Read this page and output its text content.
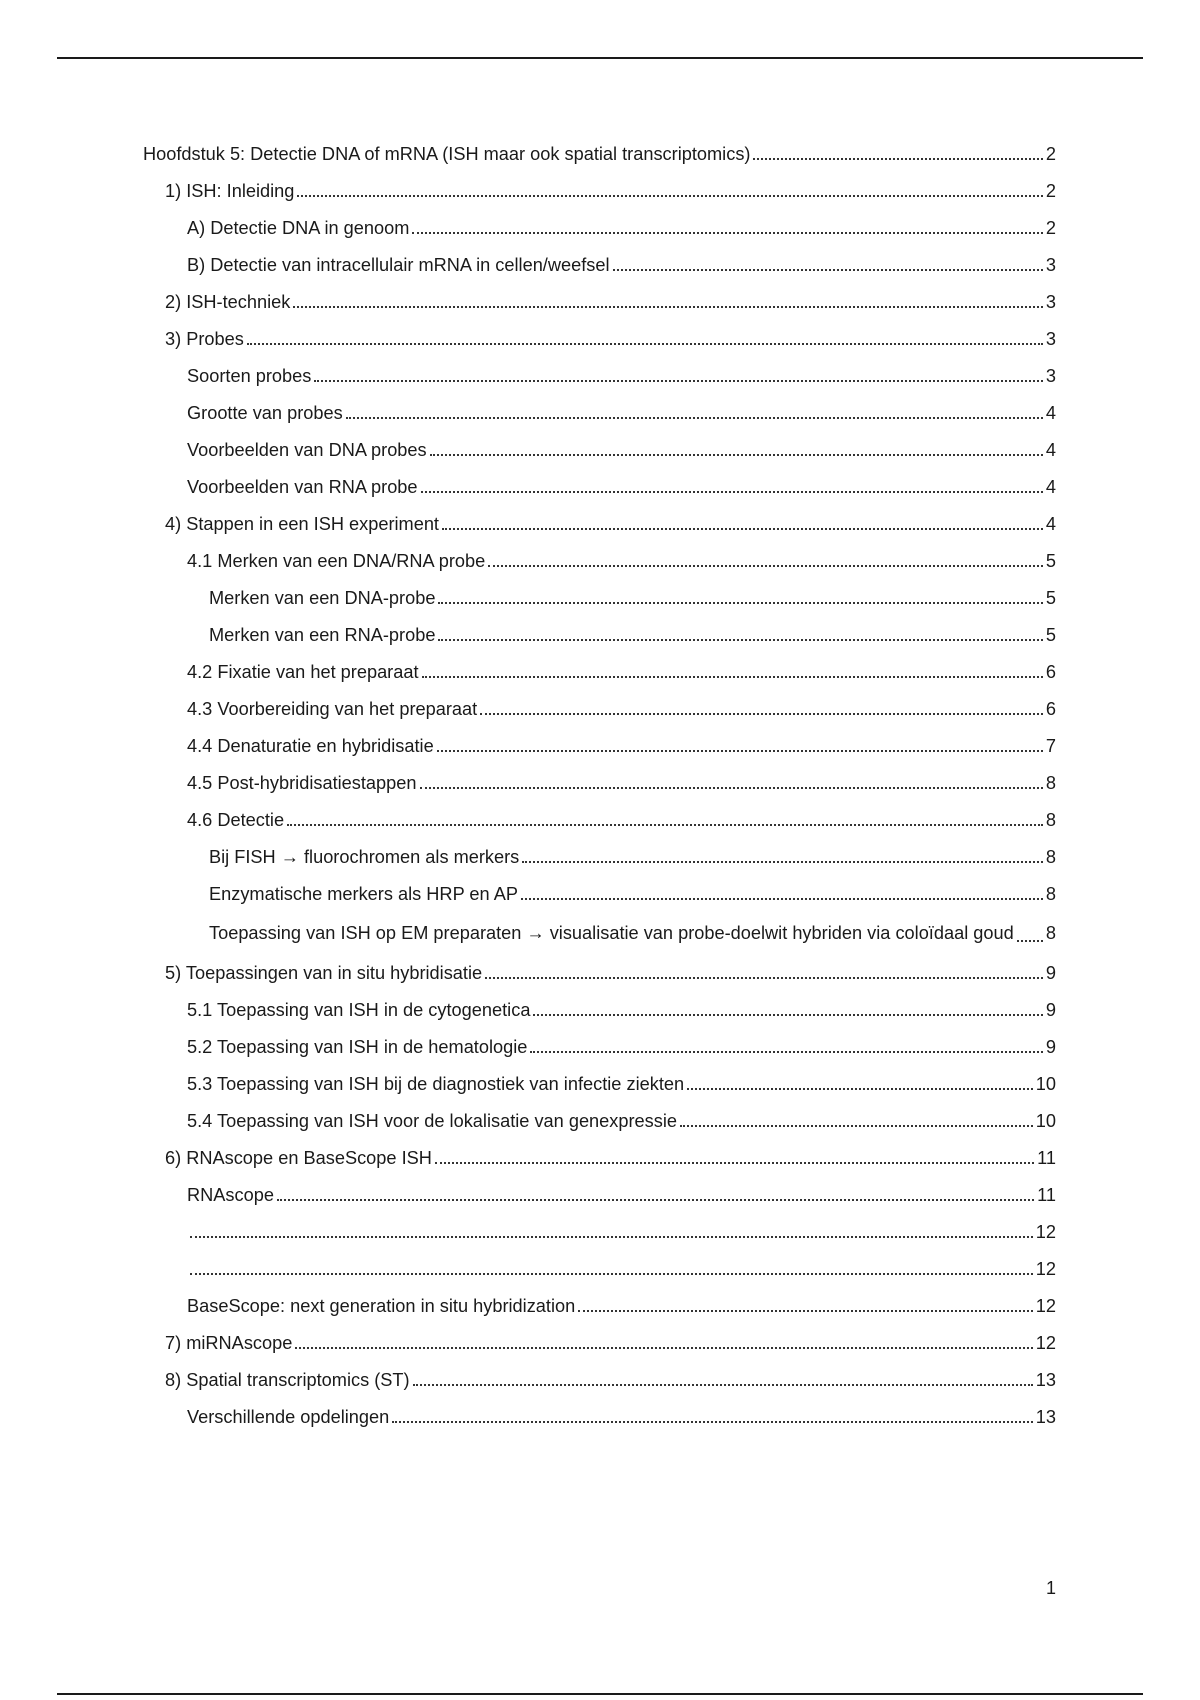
Hoofdstuk 5: Detectie DNA of mRNA (ISH maar ook spatial transcriptomics)	2
1) ISH: Inleiding	2
A) Detectie DNA in genoom	2
B) Detectie van intracellulair mRNA in cellen/weefsel	3
2) ISH-techniek	3
3) Probes	3
Soorten probes	3
Grootte van probes	4
Voorbeelden van DNA probes	4
Voorbeelden van RNA probe	4
4) Stappen in een ISH experiment	4
4.1 Merken van een DNA/RNA probe	5
Merken van een DNA-probe	5
Merken van een RNA-probe	5
4.2 Fixatie van het preparaat	6
4.3 Voorbereiding van het preparaat	6
4.4 Denaturatie en hybridisatie	7
4.5 Post-hybridisatiestappen	8
4.6 Detectie	8
Bij FISH → fluorochromen als merkers	8
Enzymatische merkers als HRP en AP	8
Toepassing van ISH op EM preparaten → visualisatie van probe-doelwit hybriden via coloïdaal goud 8
5) Toepassingen van in situ hybridisatie	9
5.1 Toepassing van ISH in de cytogenetica	9
5.2 Toepassing van ISH in de hematologie	9
5.3 Toepassing van ISH bij de diagnostiek van infectie ziekten	10
5.4 Toepassing van ISH voor de lokalisatie van genexpressie	10
6) RNAscope en BaseScope ISH	11
RNAscope	11
12
12
BaseScope: next generation in situ hybridization	12
7) miRNAscope	12
8) Spatial transcriptomics (ST)	13
Verschillende opdelingen	13
1
